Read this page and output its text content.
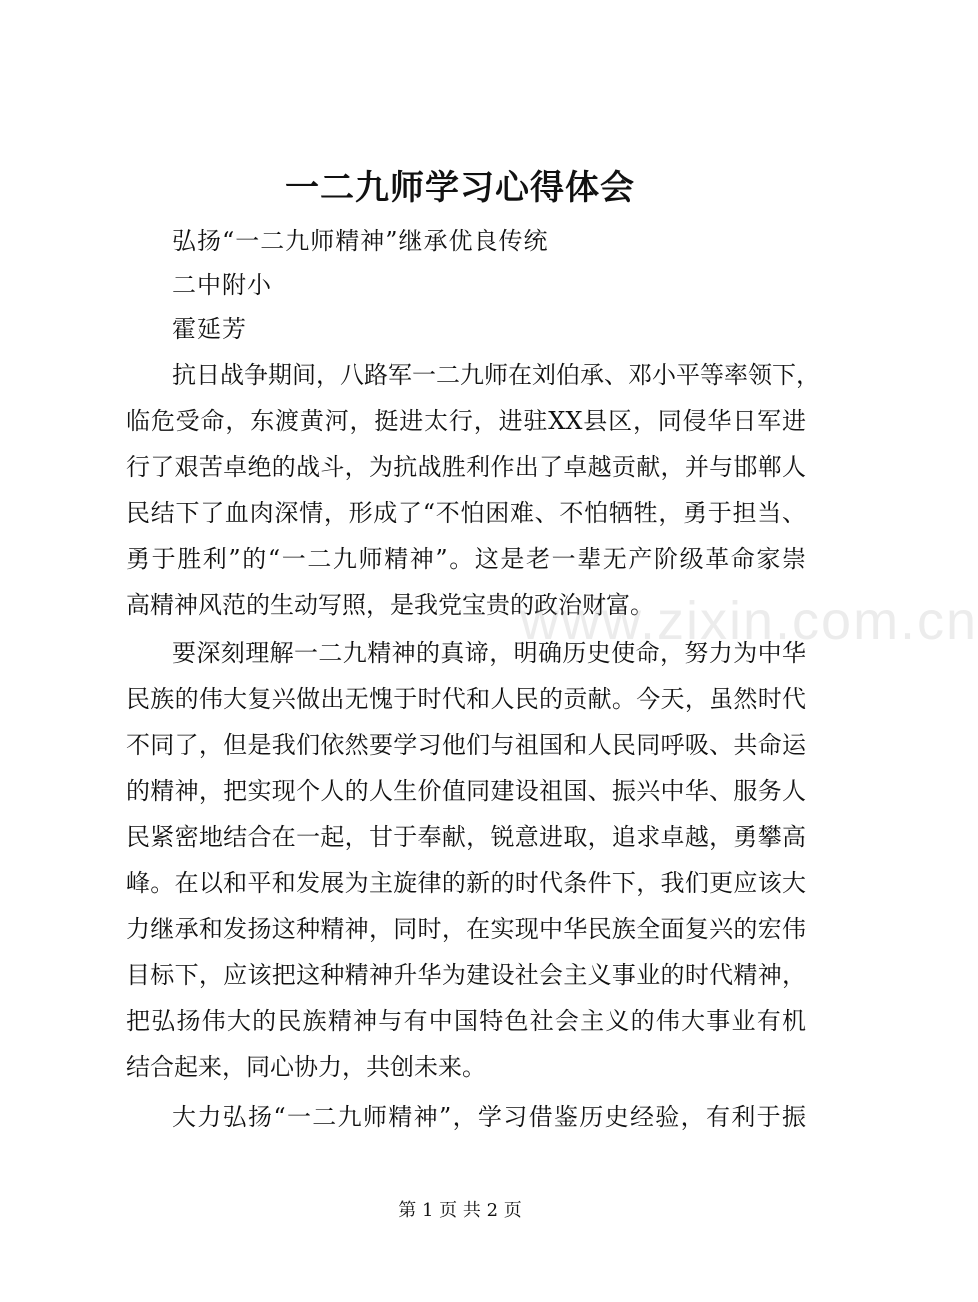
一二九师学习心得体会
弘扬“一二九师精神”继承优良传统
二中附小
霍延芳
抗日战争期间，八路军一二九师在刘伯承、邓小平等率领下，
临危受命，东渡黄河，挺进太行，进驻XX县区，同侵华日军进
行了艰苦卓绝的战斗，为抗战胜利作出了卓越贡献，并与邯郸人
民结下了血肉深情，形成了“不怕困难、不怕牺牲，勇于担当、
勇于胜利”的“一二九师精神”。这是老一辈无产阶级革命家崇
高精神风范的生动写照，是我党宝贵的政治财富。
要深刻理解一二九精神的真谛，明确历史使命，努力为中华
民族的伟大复兴做出无愧于时代和人民的贡献。今天，虽然时代
不同了，但是我们依然要学习他们与祖国和人民同呼吸、共命运
的精神，把实现个人的人生价值同建设祖国、振兴中华、服务人
民紧密地结合在一起，甘于奉献，锐意进取，追求卓越，勇攀高
峰。在以和平和发展为主旋律的新的时代条件下，我们更应该大
力继承和发扬这种精神，同时，在实现中华民族全面复兴的宏伟
目标下，应该把这种精神升华为建设社会主义事业的时代精神，
把弘扬伟大的民族精神与有中国特色社会主义的伟大事业有机
结合起来，同心协力，共创未来。
大力弘扬“一二九师精神”，学习借鉴历史经验，有利于振
www.zixin.com.cn
第 1 页 共 2 页
